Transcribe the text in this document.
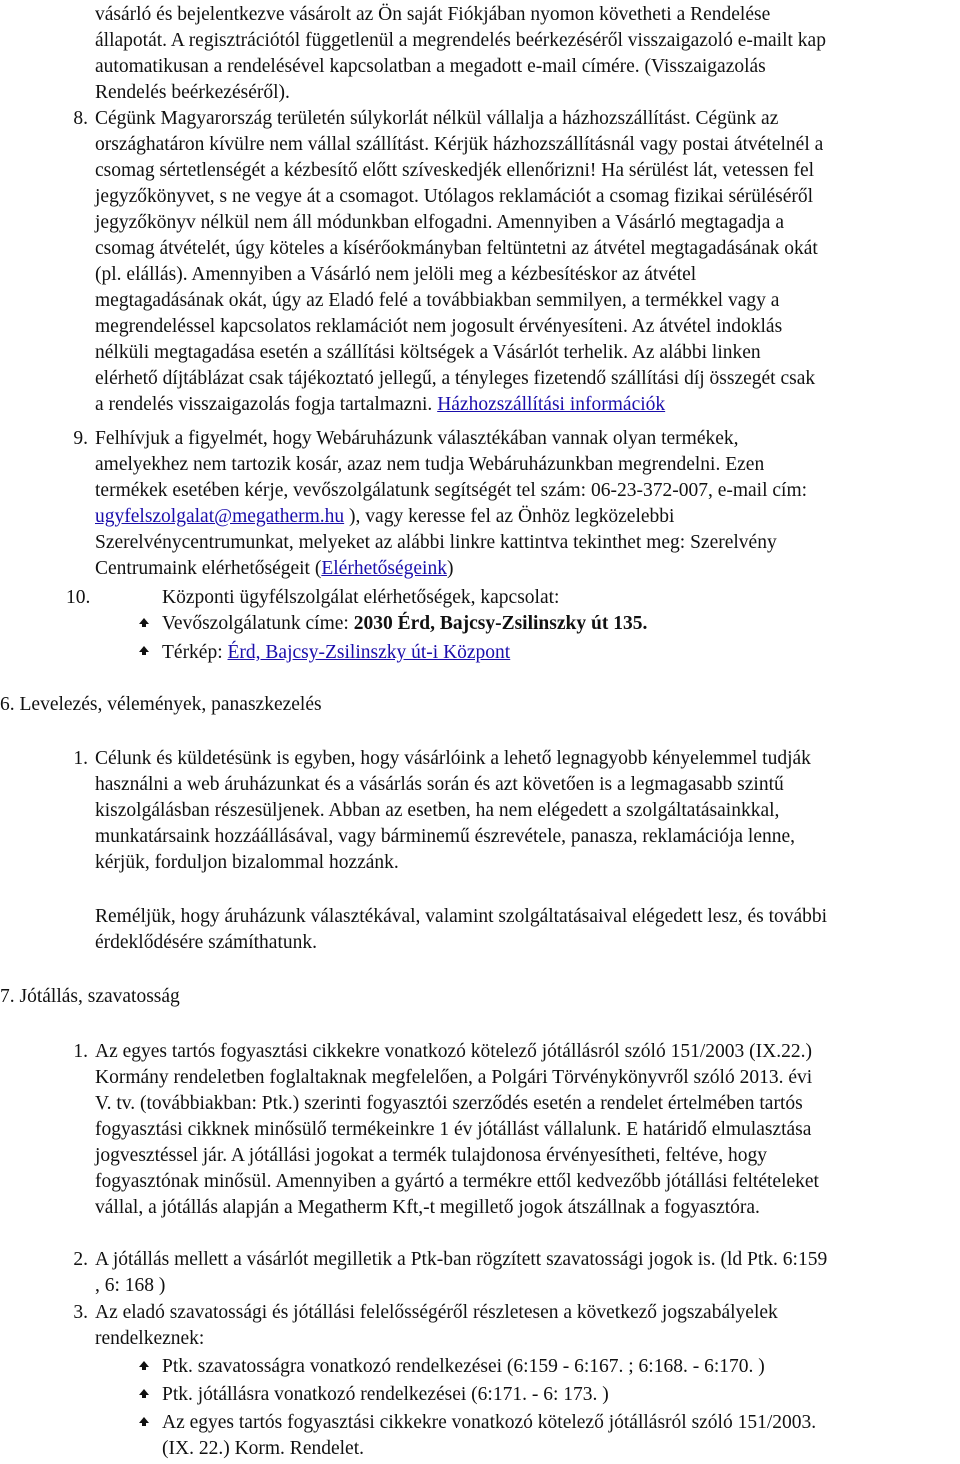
vásárló és bejelentkezve vásárolt az Ön saját Fiókjában nyomon követheti a Rendelése
állapotát. A regisztrációtól függetlenül a megrendelés beérkezéséről visszaigazoló e-mailt kap
automatikusan a rendelésével kapcsolatban a megadott e-mail címére. (Visszaigazolás
Rendelés beérkezéséről).
8. Cégünk Magyarország területén súlykorlát nélkül vállalja a házhozszállítást. Cégünk az
országhatáron kívülre nem vállal szállítást. Kérjük házhozszállításnál vagy postai átvételnél a
csomag sértetlenségét a kézbesítő előtt szíveskedjék ellenőrizni! Ha sérülést lát, vetessen fel
jegyzőkönyvet, s ne vegye át a csomagot. Utólagos reklamációt a csomag fizikai sérüléséről
jegyzőkönyv nélkül nem áll módunkban elfogadni. Amennyiben a Vásárló megtagadja a
csomag átvételét, úgy köteles a kísérőokmányban feltüntetni az átvétel megtagadásának okát
(pl. elállás). Amennyiben a Vásárló nem jelöli meg a kézbesítéskor az átvétel
megtagadásának okát, úgy az Eladó felé a továbbiakban semmilyen, a termékkel vagy a
megrendeléssel kapcsolatos reklamációt nem jogosult érvényesíteni. Az átvétel indoklás
nélküli megtagadása esetén a szállítási költségek a Vásárlót terhelik. Az alábbi linken
elérhető díjtáblázat csak tájékoztató jellegű, a tényleges fizetendő szállítási díj összegét csak
a rendelés visszaigazolás fogja tartalmazni. Házhozszállítási információk
9. Felhívjuk a figyelmét, hogy Webáruházunk választékában vannak olyan termékek,
amelyekhez nem tartozik kosár, azaz nem tudja Webáruházunkban megrendelni. Ezen
termékek esetében kérje, vevőszolgálatunk segítségét tel szám: 06-23-372-007, e-mail cím:
ugyfelszolgalat@megatherm.hu ), vagy keresse fel az Önhöz legközelebbi
Szerelvénycentrumunkat, melyeket az alábbi linkre kattintva tekinthet meg: Szerelvény
Centrumaink elérhetőségeit (Elérhetőségeink)
10.	Központi ügyfélszolgálat elérhetőségek, kapcsolat:
Vevőszolgálatunk címe: 2030 Érd, Bajcsy-Zsilinszky út 135.
Térkép: Érd, Bajcsy-Zsilinszky út-i Központ
6. Levelezés, vélemények, panaszkezelés
1. Célunk és küldetésünk is egyben, hogy vásárlóink a lehető legnagyobb kényelemmel tudják
használni a web áruházunkat és a vásárlás során és azt követően is a legmagasabb szintű
kiszolgálásban részesüljenek. Abban az esetben, ha nem elégedett a szolgáltatásainkkal,
munkatársaink hozzáállásával, vagy bárminemű észrevétele, panasza, reklamációja lenne,
kérjük, forduljon bizalommal hozzánk.
Reméljük, hogy áruházunk választékával, valamint szolgáltatásaival elégedett lesz, és további
érdeklődésére számíthatunk.
7. Jótállás, szavatosság
1. Az egyes tartós fogyasztási cikkekre vonatkozó kötelező jótállásról szóló 151/2003 (IX.22.)
Kormány rendeletben foglaltaknak megfelelően, a Polgári Törvénykönyvről szóló 2013. évi
V. tv. (továbbiakban: Ptk.) szerinti fogyasztói szerződés esetén a rendelet értelmében tartós
fogyasztási cikknek minősülő termékeinkre 1 év jótállást vállalunk. E határidő elmulasztása
jogvesztéssel jár. A jótállási jogokat a termék tulajdonosa érvényesítheti, feltéve, hogy
fogyasztónak minősül. Amennyiben a gyártó a termékre ettől kedvezőbb jótállási feltételeket
vállal, a jótállás alapján a Megatherm Kft,-t megillető jogok átszállnak a fogyasztóra.
2. A jótállás mellett a vásárlót megilletik a Ptk-ban rögzített szavatossági jogok is. (ld Ptk. 6:159
, 6: 168 )
3. Az eladó szavatossági és jótállási felelősségéről részletesen a következő jogszabályelek
rendelkeznek:
Ptk. szavatosságra vonatkozó rendelkezései (6:159 - 6:167. ; 6:168. - 6:170. )
Ptk. jótállásra vonatkozó rendelkezései (6:171. - 6: 173. )
Az egyes tartós fogyasztási cikkekre vonatkozó kötelező jótállásról szóló 151/2003.
(IX. 22.) Korm. Rendelet.
